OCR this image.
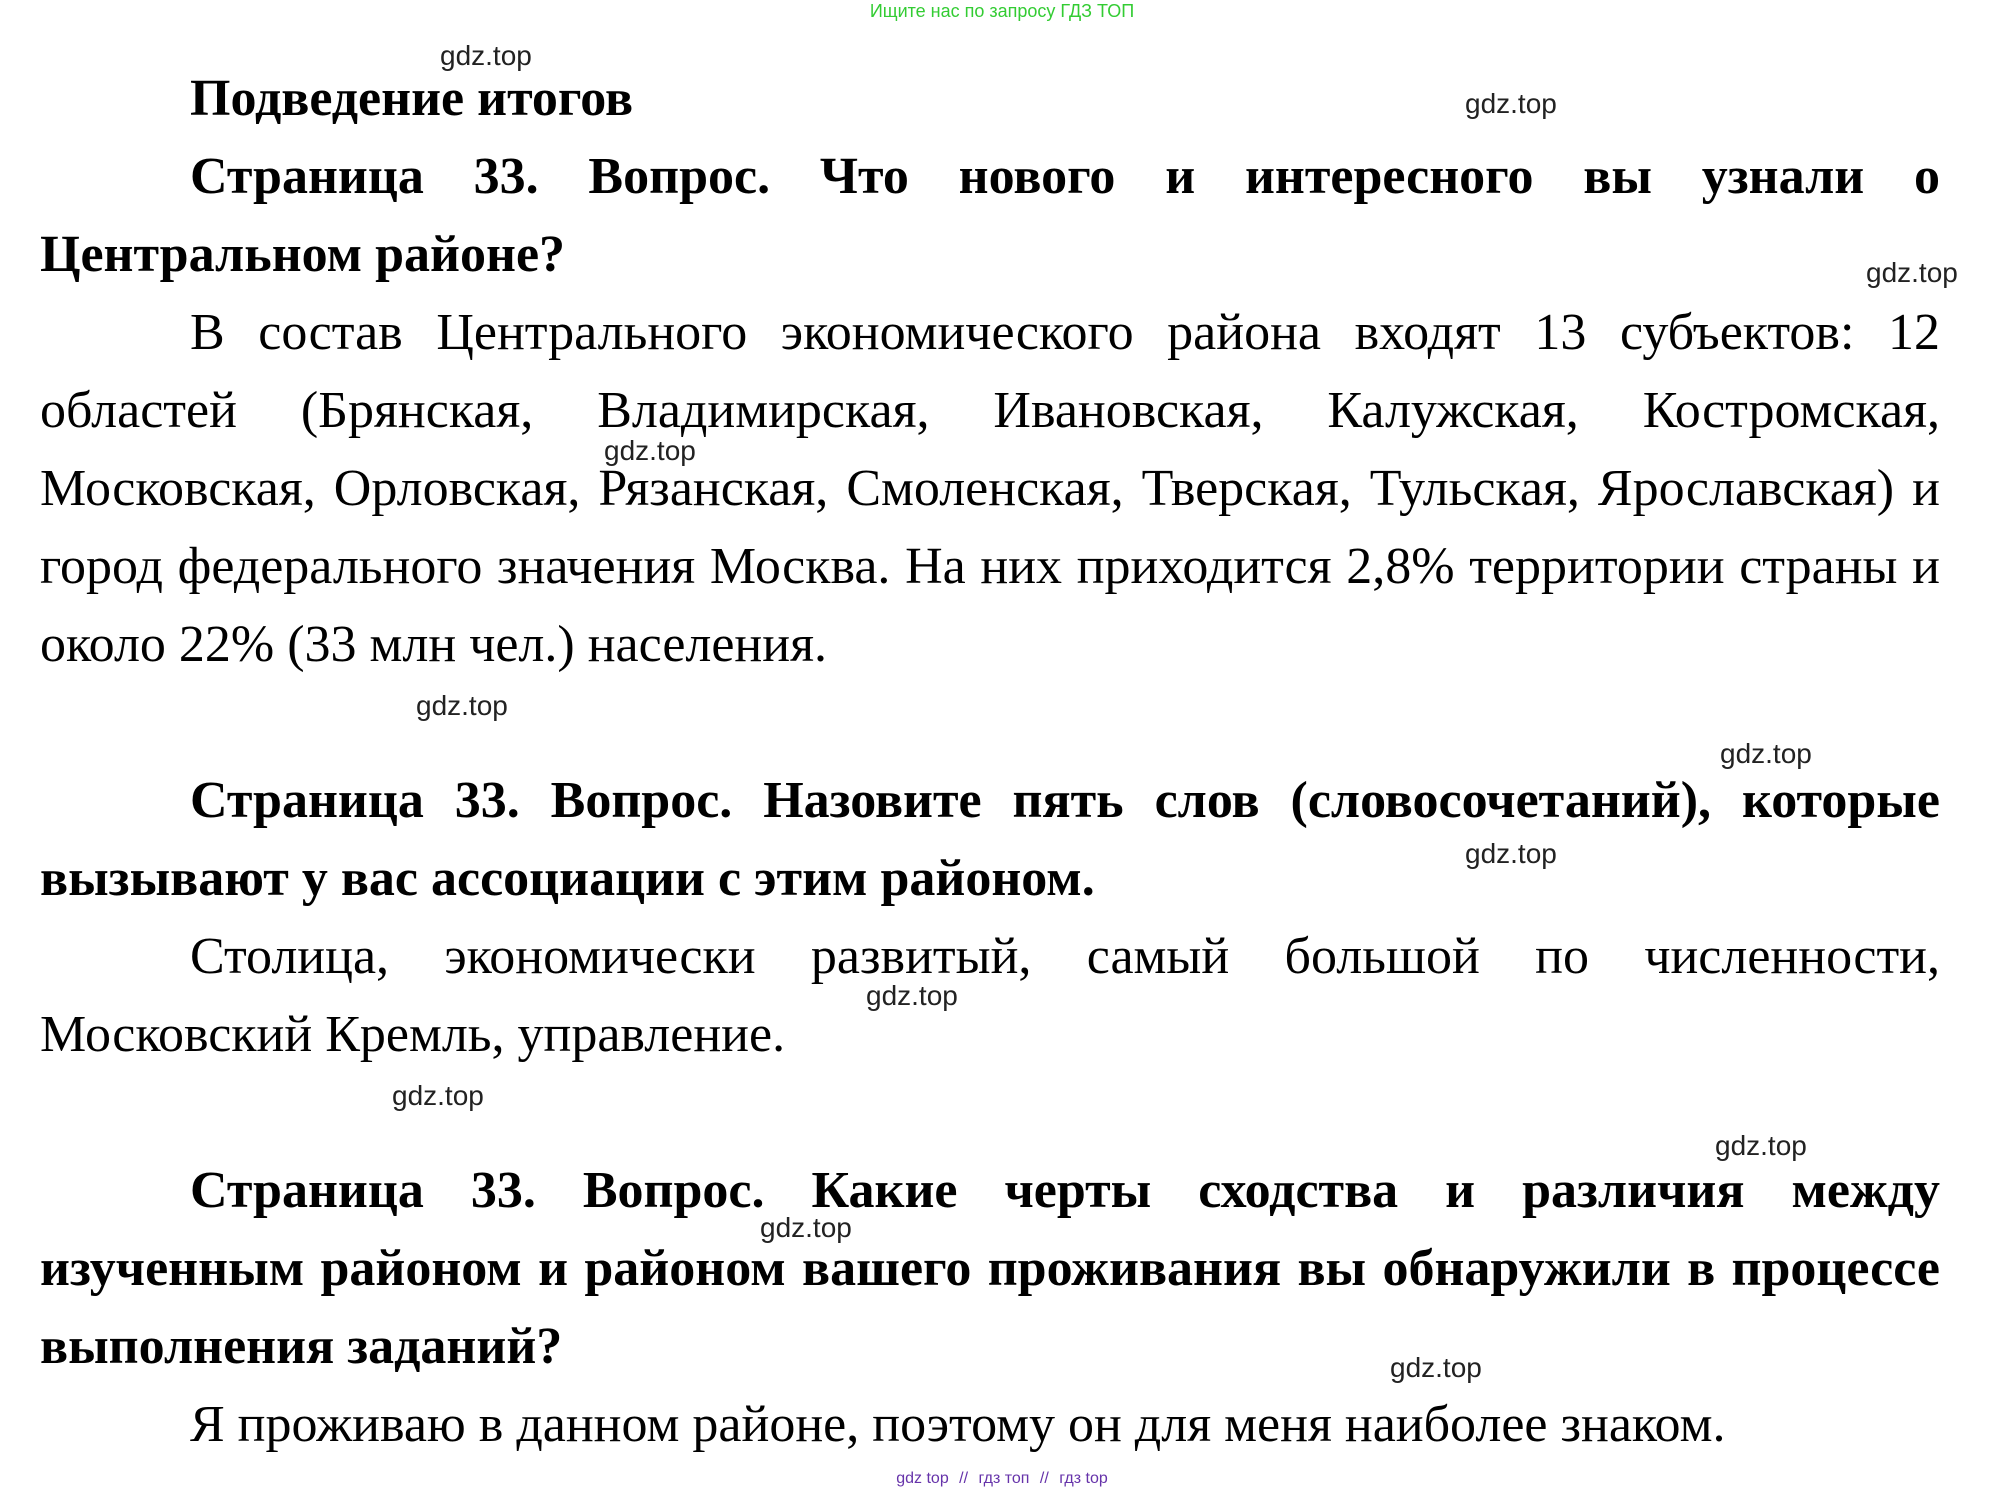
Ищите нас по запросу ГДЗ ТОП

Подведение итогов

Страница 33. Вопрос. Что нового и интересного вы узнали о Центральном районе?

В состав Центрального экономического района входят 13 субъектов: 12 областей (Брянская, Владимирская, Ивановская, Калужская, Костромская, Московская, Орловская, Рязанская, Смоленская, Тверская, Тульская, Ярославская) и город федерального значения Москва. На них приходится 2,8% территории страны и около 22% (33 млн чел.) населения.

Страница 33. Вопрос. Назовите пять слов (словосочетаний), которые вызывают у вас ассоциации с этим районом.

Столица, экономически развитый, самый большой по численности, Московский Кремль, управление.

Страница 33. Вопрос. Какие черты сходства и различия между изученным районом и районом вашего проживания вы обнаружили в процессе выполнения заданий?

Я проживаю в данном районе, поэтому он для меня наиболее знаком.

gdz.top
gdz.top
gdz.top
gdz.top
gdz.top
gdz.top
gdz.top
gdz.top
gdz.top
gdz.top
gdz.top
gdz.top
gdz top // гдз топ // гдз top
